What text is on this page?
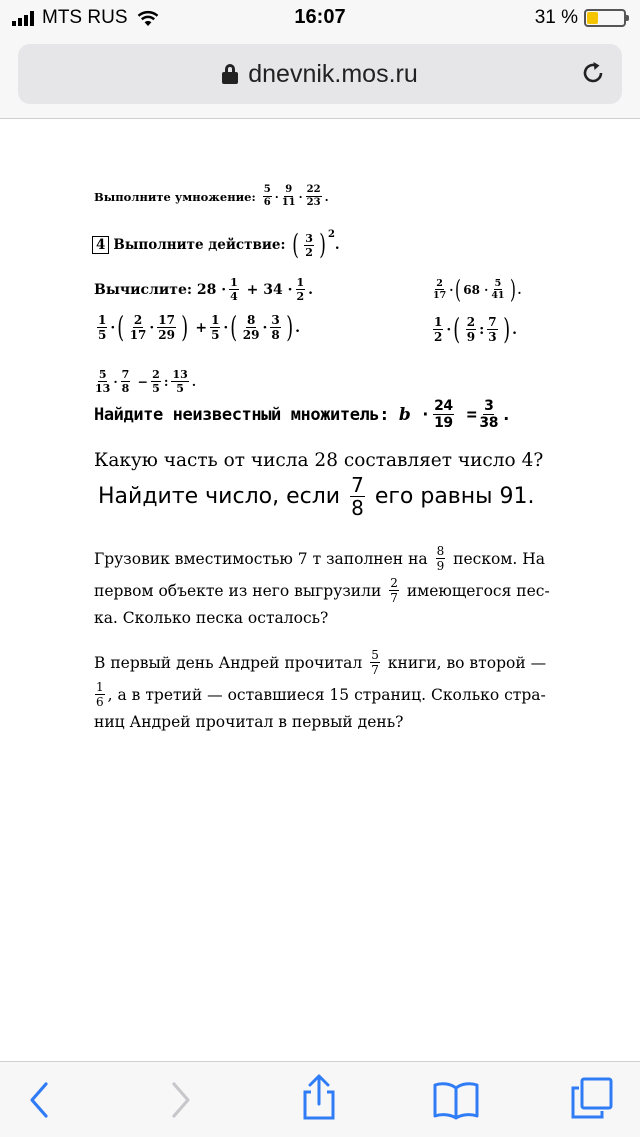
MTS RUS	16:07	31 %
dnevnik.mos.ru
Выполните умножение:
$\frac{5}{6} \cdot \frac{9}{11} \cdot \frac{22}{23}$ .
4 Выполните действие:
( $\frac{3}{2} )^2$
.
Вычислите:
$28 \cdot \frac{1}{4} + 34 \cdot \frac{1}{2}$ .	$\frac{2}{17}$ · ( $68 \cdot \frac{5}{41}$ ) .
$\frac{1}{5}$ · ( $\frac{2}{17} \cdot \frac{17}{29}$ ) + $\frac{1}{5}$ · ( $\frac{8}{29} \cdot \frac{3}{8}$ ) .	$\frac{1}{2}$ · ( $\frac{2}{9}$ : $\frac{7}{3}$ ) .
$\frac{5}{13} \cdot \frac{7}{8} - \frac{2}{5}$ : $\frac{13}{5}$ .
Найдите неизвестный множитель:
$b \cdot \frac{24}{19} = \frac{3}{38}$ .
Какую часть от числа 28 составляет число 4?
Найдите число, если
$\frac{7}{8}$
его равны 91.
Грузовик вместимостью 7 т заполнен на
$\frac{8}{9}$
песком. На
первом объекте из него выгрузили
$\frac{2}{7}$
имеющегося пес-
ка. Сколько песка осталось?
В первый день Андрей прочитал
$\frac{5}{7}$
книги, во второй —
$\frac{1}{6}$ , а в третий — оставшиеся 15 страниц. Сколько стра-
ниц Андрей прочитал в первый день?
